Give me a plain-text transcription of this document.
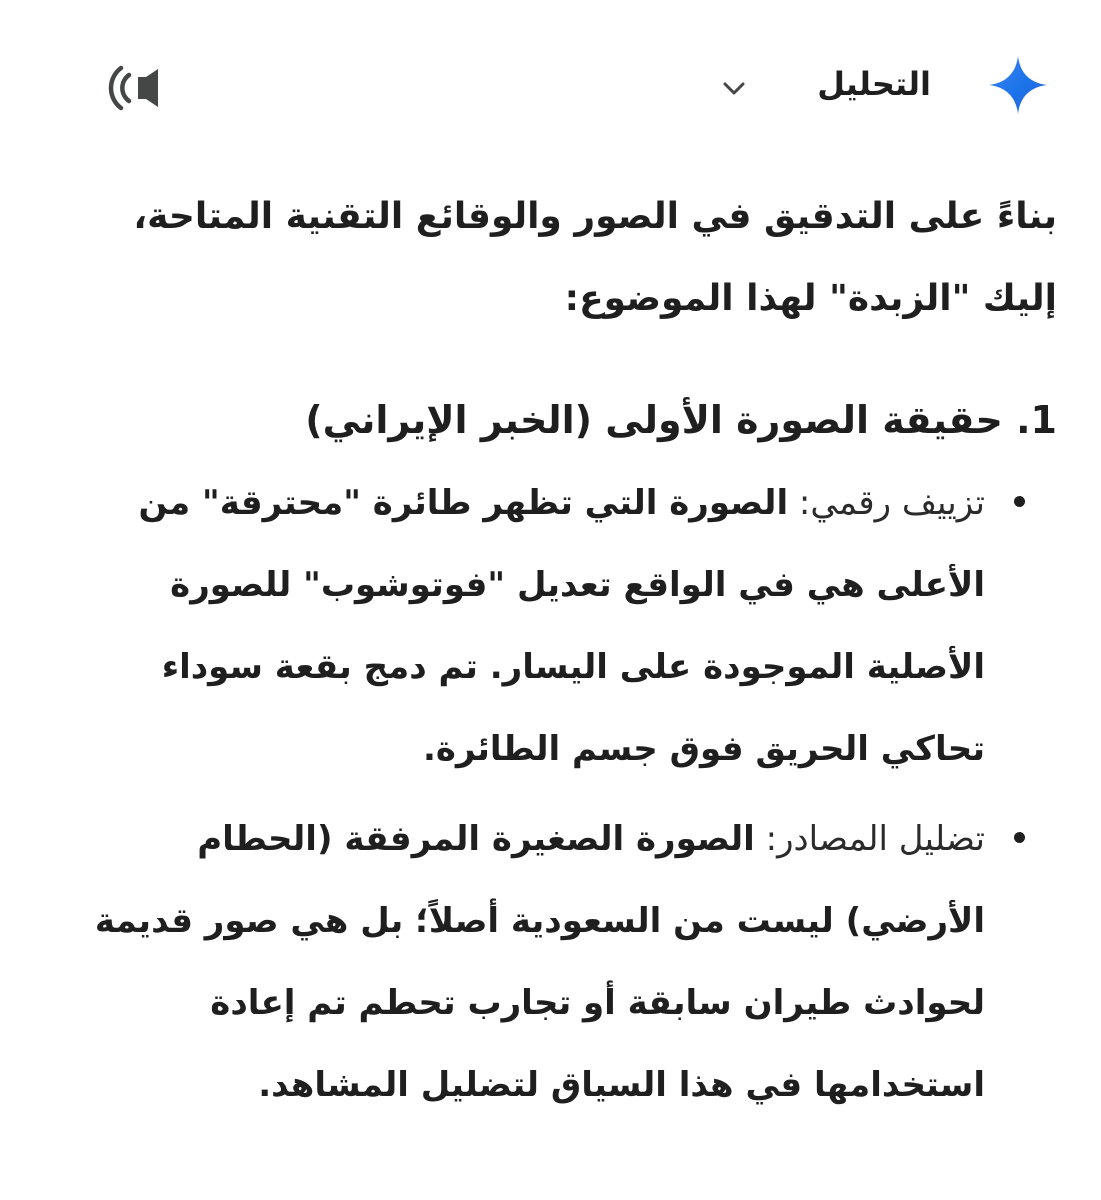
التحليل

بناءً على التدقيق في الصور والوقائع التقنية المتاحة، إليك "الزبدة" لهذا الموضوع:

1. حقيقة الصورة الأولى (الخبر الإيراني)
تزييف رقمي: الصورة التي تظهر طائرة "محترقة" من الأعلى هي في الواقع تعديل "فوتوشوب" للصورة الأصلية الموجودة على اليسار. تم دمج بقعة سوداء تحاكي الحريق فوق جسم الطائرة.
تضليل المصادر: الصورة الصغيرة المرفقة (الحطام الأرضي) ليست من السعودية أصلاً؛ بل هي صور قديمة لحوادث طيران سابقة أو تجارب تحطم تم إعادة استخدامها في هذا السياق لتضليل المشاهد.
